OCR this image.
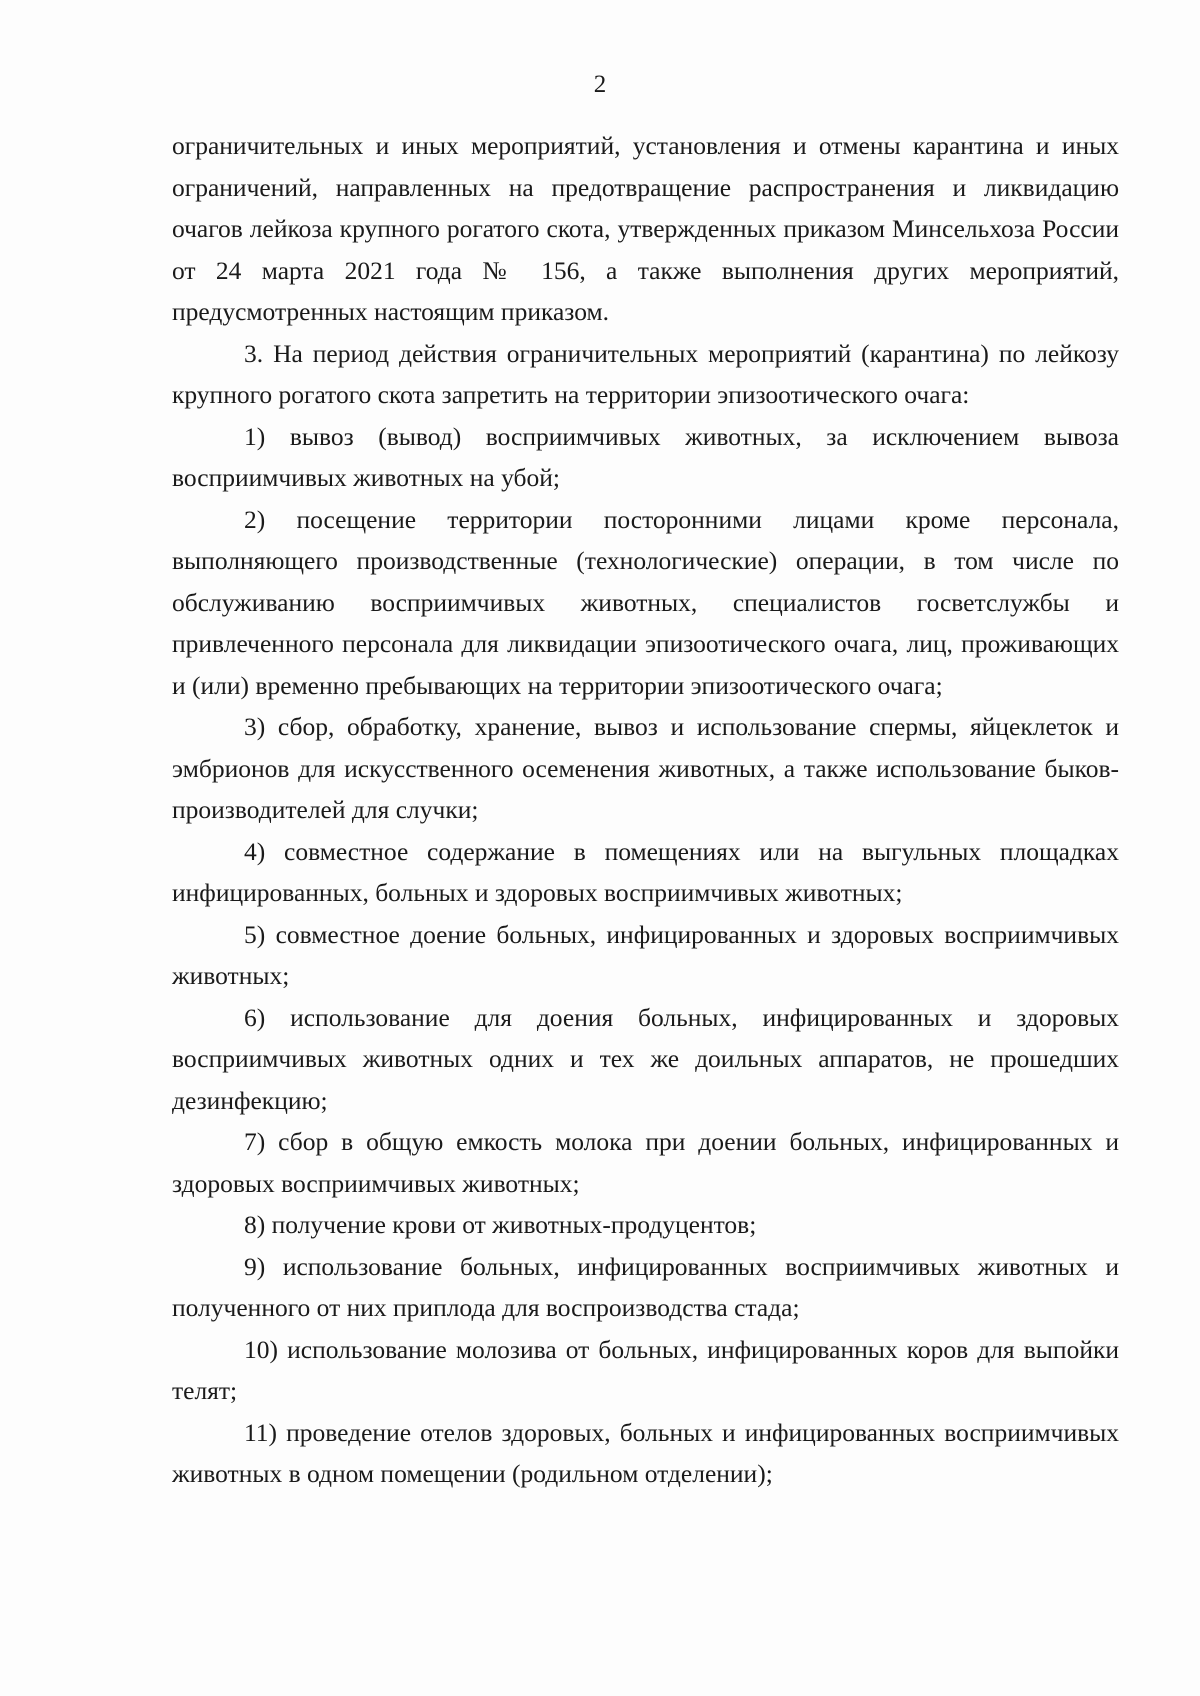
2

ограничительных и иных мероприятий, установления и отмены карантина и иных ограничений, направленных на предотвращение распространения и ликвидацию очагов лейкоза крупного рогатого скота, утвержденных приказом Минсельхоза России от 24 марта 2021 года № 156, а также выполнения других мероприятий, предусмотренных настоящим приказом.

3. На период действия ограничительных мероприятий (карантина) по лейкозу крупного рогатого скота запретить на территории эпизоотического очага:

1) вывоз (вывод) восприимчивых животных, за исключением вывоза восприимчивых животных на убой;

2) посещение территории посторонними лицами кроме персонала, выполняющего производственные (технологические) операции, в том числе по обслуживанию восприимчивых животных, специалистов госветслужбы и привлеченного персонала для ликвидации эпизоотического очага, лиц, проживающих и (или) временно пребывающих на территории эпизоотического очага;

3) сбор, обработку, хранение, вывоз и использование спермы, яйцеклеток и эмбрионов для искусственного осеменения животных, а также использование быков-производителей для случки;

4) совместное содержание в помещениях или на выгульных площадках инфицированных, больных и здоровых восприимчивых животных;

5) совместное доение больных, инфицированных и здоровых восприимчивых животных;

6) использование для доения больных, инфицированных и здоровых восприимчивых животных одних и тех же доильных аппаратов, не прошедших дезинфекцию;

7) сбор в общую емкость молока при доении больных, инфицированных и здоровых восприимчивых животных;

8) получение крови от животных-продуцентов;

9) использование больных, инфицированных восприимчивых животных и полученного от них приплода для воспроизводства стада;

10) использование молозива от больных, инфицированных коров для выпойки телят;

11) проведение отелов здоровых, больных и инфицированных восприимчивых животных в одном помещении (родильном отделении);
